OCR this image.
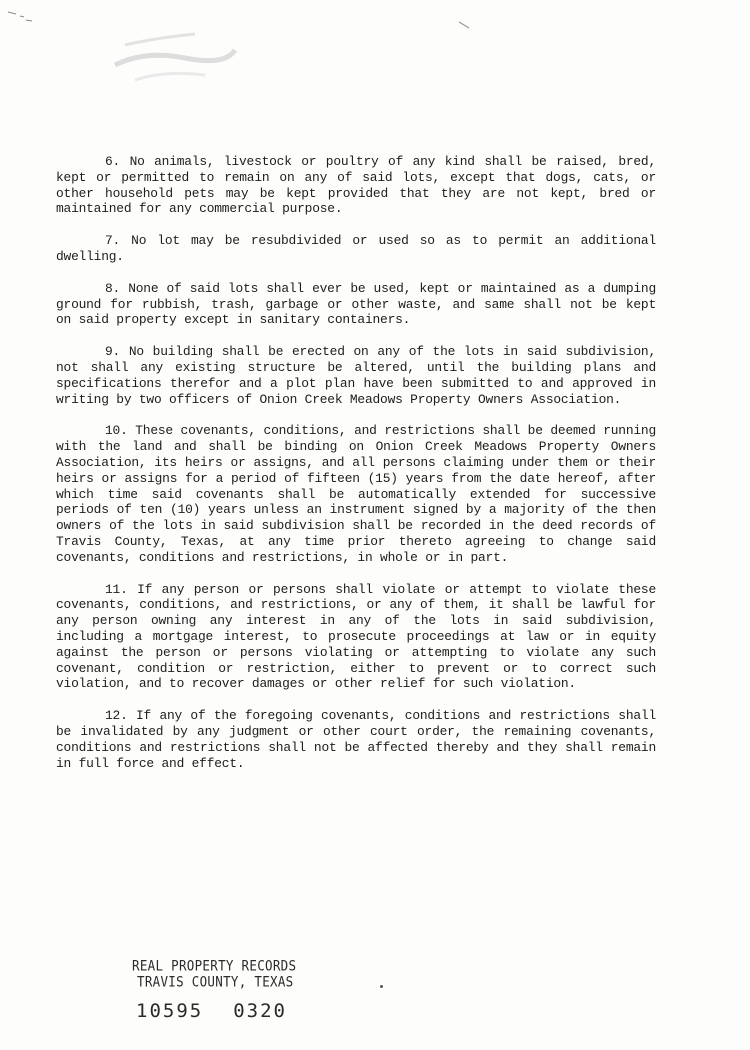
6. No animals, livestock or poultry of any kind shall be raised, bred, kept or permitted to remain on any of said lots, except that dogs, cats, or other household pets may be kept provided that they are not kept, bred or maintained for any commercial purpose.

7. No lot may be resubdivided or used so as to permit an additional dwelling.

8. None of said lots shall ever be used, kept or maintained as a dumping ground for rubbish, trash, garbage or other waste, and same shall not be kept on said property except in sanitary containers.

9. No building shall be erected on any of the lots in said subdivision, not shall any existing structure be altered, until the building plans and specifications therefor and a plot plan have been submitted to and approved in writing by two officers of Onion Creek Meadows Property Owners Association.

10. These covenants, conditions, and restrictions shall be deemed running with the land and shall be binding on Onion Creek Meadows Property Owners Association, its heirs or assigns, and all persons claiming under them or their heirs or assigns for a period of fifteen (15) years from the date hereof, after which time said covenants shall be automatically extended for successive periods of ten (10) years unless an instrument signed by a majority of the then owners of the lots in said subdivision shall be recorded in the deed records of Travis County, Texas, at any time prior thereto agreeing to change said covenants, conditions and restrictions, in whole or in part.

11. If any person or persons shall violate or attempt to violate these covenants, conditions, and restrictions, or any of them, it shall be lawful for any person owning any interest in any of the lots in said subdivision, including a mortgage interest, to prosecute proceedings at law or in equity against the person or persons violating or attempting to violate any such covenant, condition or restriction, either to prevent or to correct such violation, and to recover damages or other relief for such violation.

12. If any of the foregoing covenants, conditions and restrictions shall be invalidated by any judgment or other court order, the remaining covenants, conditions and restrictions shall not be affected thereby and they shall remain in full force and effect.

REAL PROPERTY RECORDS
TRAVIS COUNTY, TEXAS
10595 0320
